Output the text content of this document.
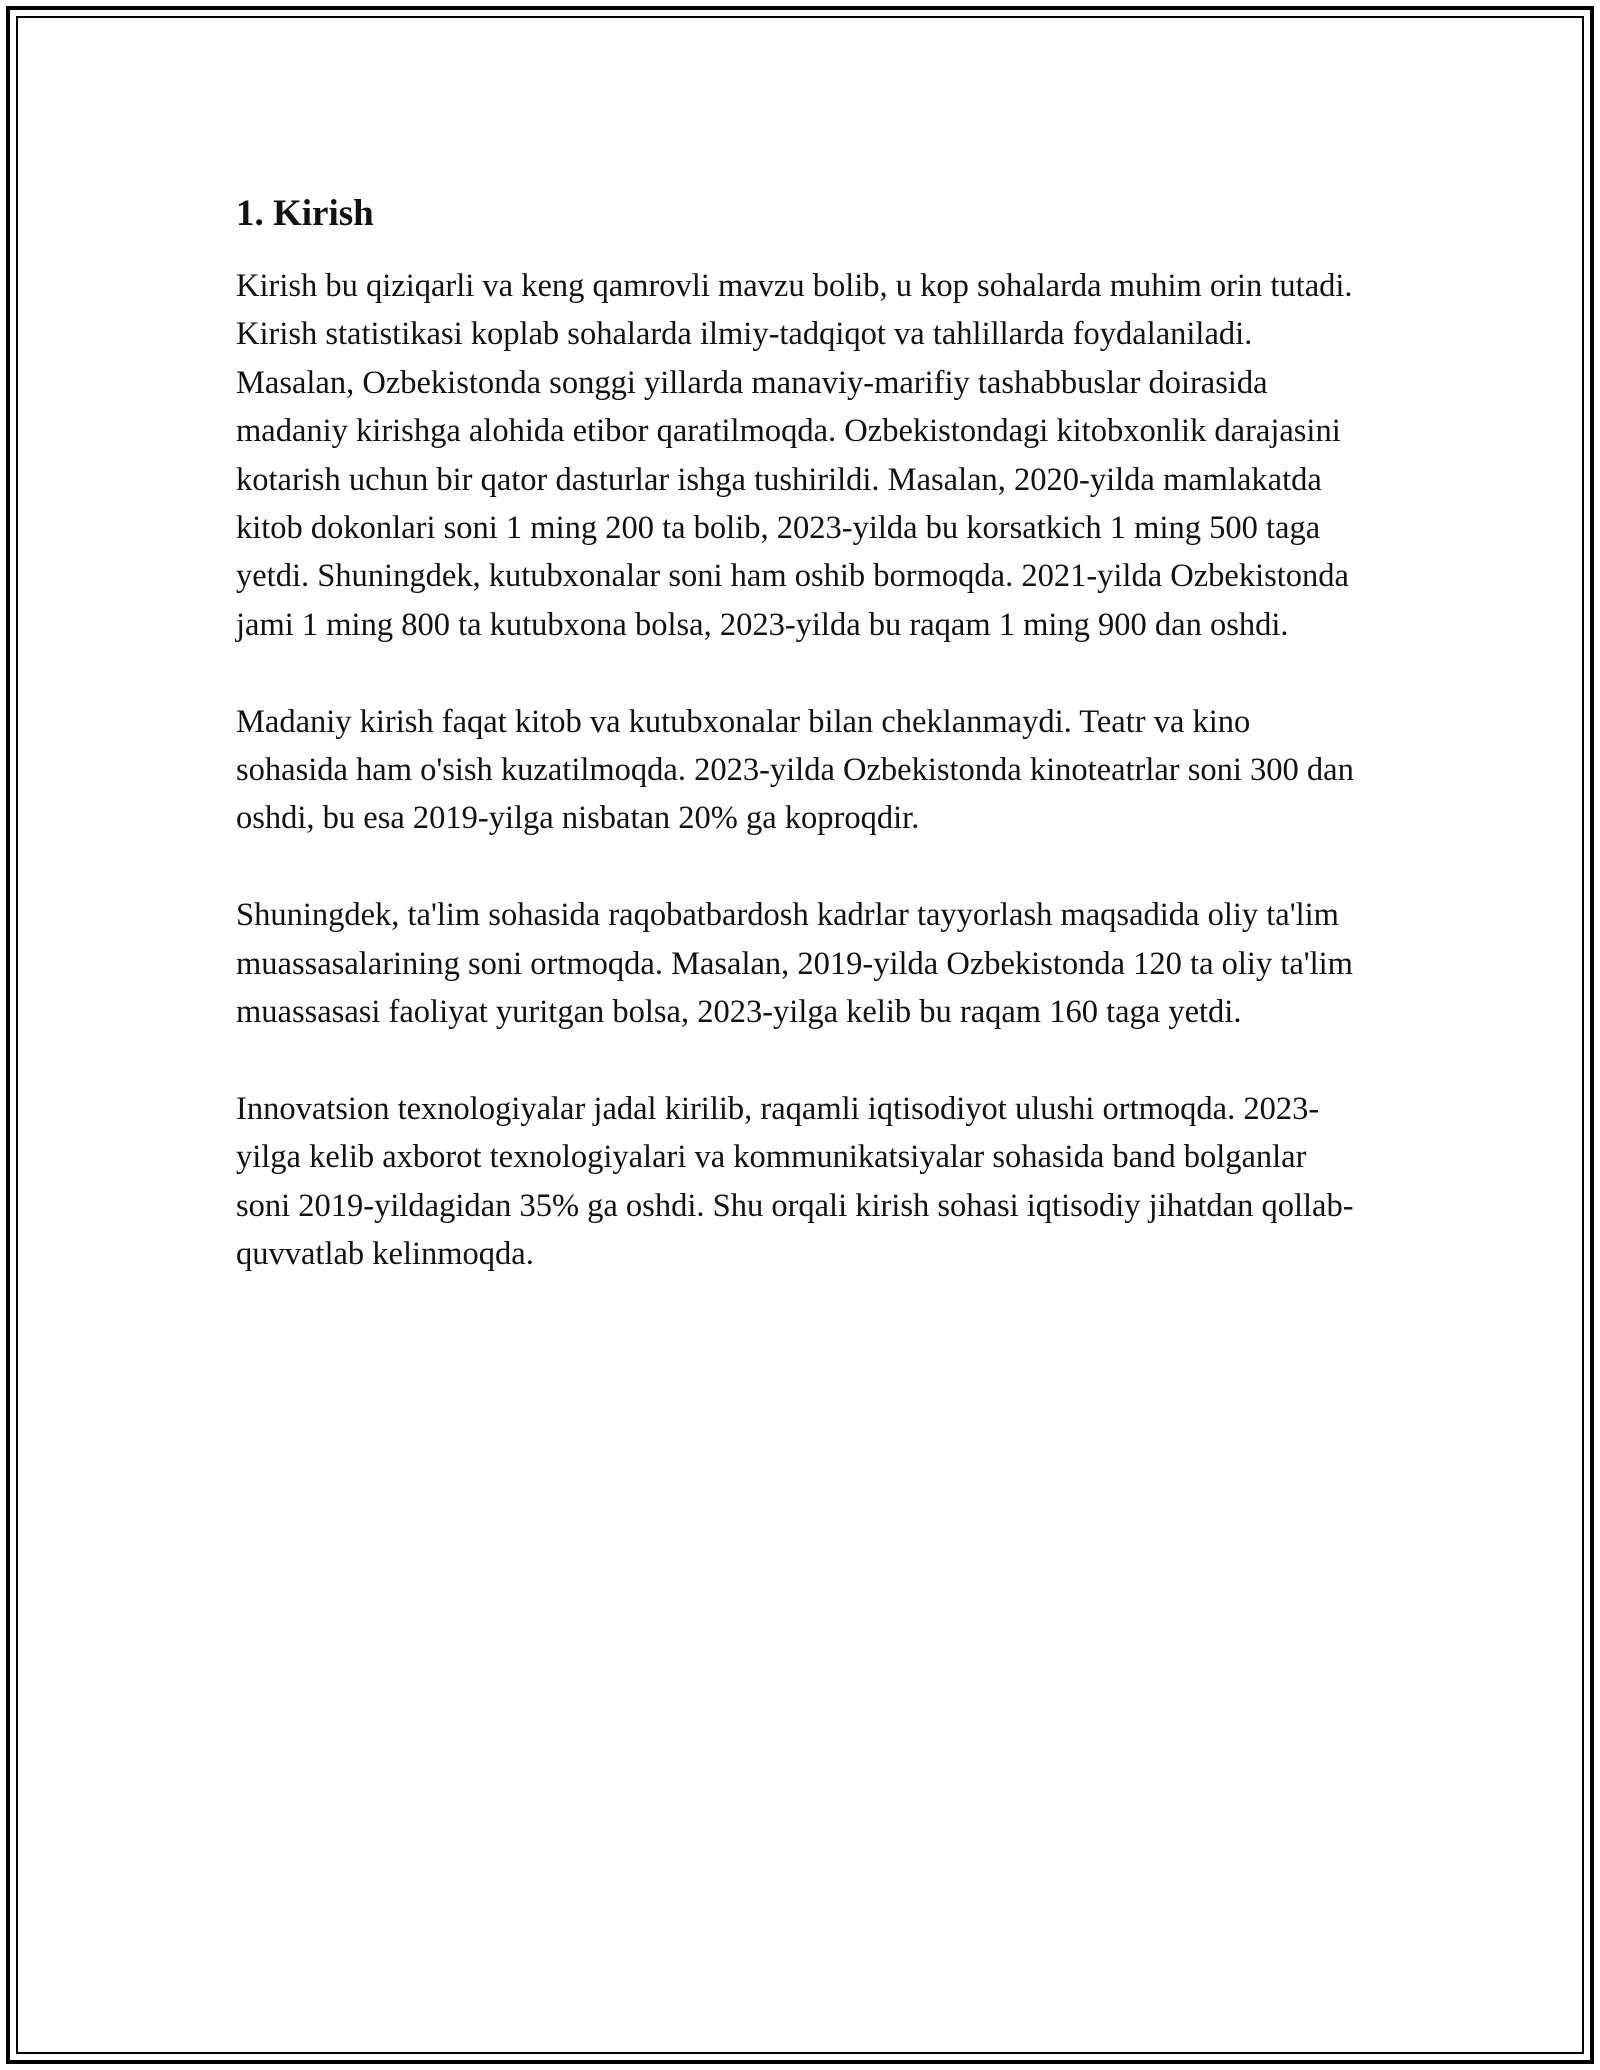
1. Kirish

Kirish bu qiziqarli va keng qamrovli mavzu bolib, u kop sohalarda muhim orin tutadi. Kirish statistikasi koplab sohalarda ilmiy-tadqiqot va tahlillarda foydalaniladi. Masalan, Ozbekistonda songgi yillarda manaviy-marifiy tashabbuslar doirasida madaniy kirishga alohida etibor qaratilmoqda. Ozbekistondagi kitobxonlik darajasini kotarish uchun bir qator dasturlar ishga tushirildi. Masalan, 2020-yilda mamlakatda kitob dokonlari soni 1 ming 200 ta bolib, 2023-yilda bu korsatkich 1 ming 500 taga yetdi. Shuningdek, kutubxonalar soni ham oshib bormoqda. 2021-yilda Ozbekistonda jami 1 ming 800 ta kutubxona bolsa, 2023-yilda bu raqam 1 ming 900 dan oshdi.

Madaniy kirish faqat kitob va kutubxonalar bilan cheklanmaydi. Teatr va kino sohasida ham o'sish kuzatilmoqda. 2023-yilda Ozbekistonda kinoteatrlar soni 300 dan oshdi, bu esa 2019-yilga nisbatan 20% ga koproqdir.

Shuningdek, ta'lim sohasida raqobatbardosh kadrlar tayyorlash maqsadida oliy ta'lim muassasalarining soni ortmoqda. Masalan, 2019-yilda Ozbekistonda 120 ta oliy ta'lim muassasasi faoliyat yuritgan bolsa, 2023-yilga kelib bu raqam 160 taga yetdi.

Innovatsion texnologiyalar jadal kirilib, raqamli iqtisodiyot ulushi ortmoqda. 2023-yilga kelib axborot texnologiyalari va kommunikatsiyalar sohasida band bolganlar soni 2019-yildagidan 35% ga oshdi. Shu orqali kirish sohasi iqtisodiy jihatdan qollab-quvvatlab kelinmoqda.
